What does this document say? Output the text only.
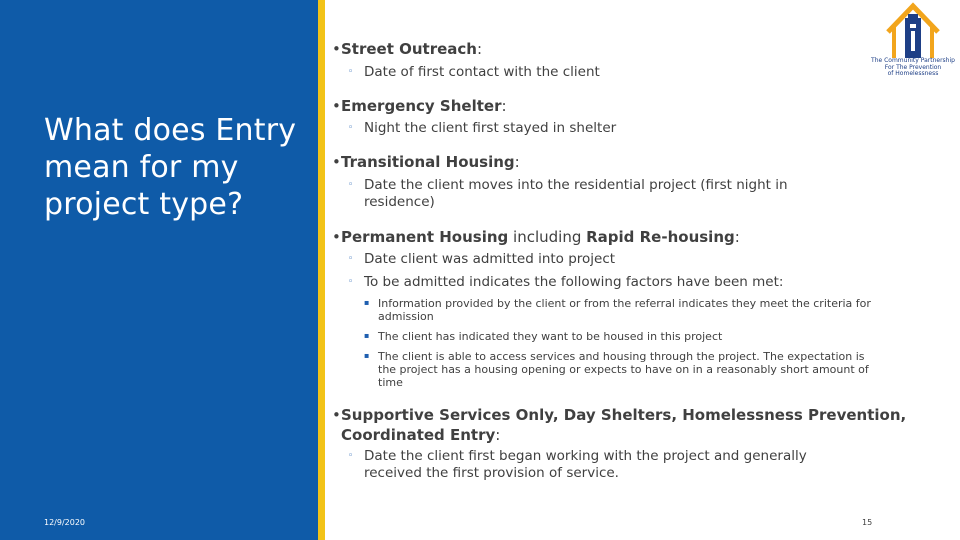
What does Entry mean for my project type?
12/9/2020	15
The Community Partnership
For The Prevention
of Homelessness
•Street Outreach:
◦ Date of first contact with the client
•Emergency Shelter:
◦ Night the client first stayed in shelter
•Transitional Housing:
◦ Date the client moves into the residential project (first night in residence)
•Permanent Housing including Rapid Re-housing:
◦ Date client was admitted into project
◦ To be admitted indicates the following factors have been met:
▪ Information provided by the client or from the referral indicates they meet the criteria for admission
▪ The client has indicated they want to be housed in this project
▪ The client is able to access services and housing through the project. The expectation is the project has a housing opening or expects to have on in a reasonably short amount of time
•Supportive Services Only, Day Shelters, Homelessness Prevention,
Coordinated Entry:
◦ Date the client first began working with the project and generally received the first provision of service.
